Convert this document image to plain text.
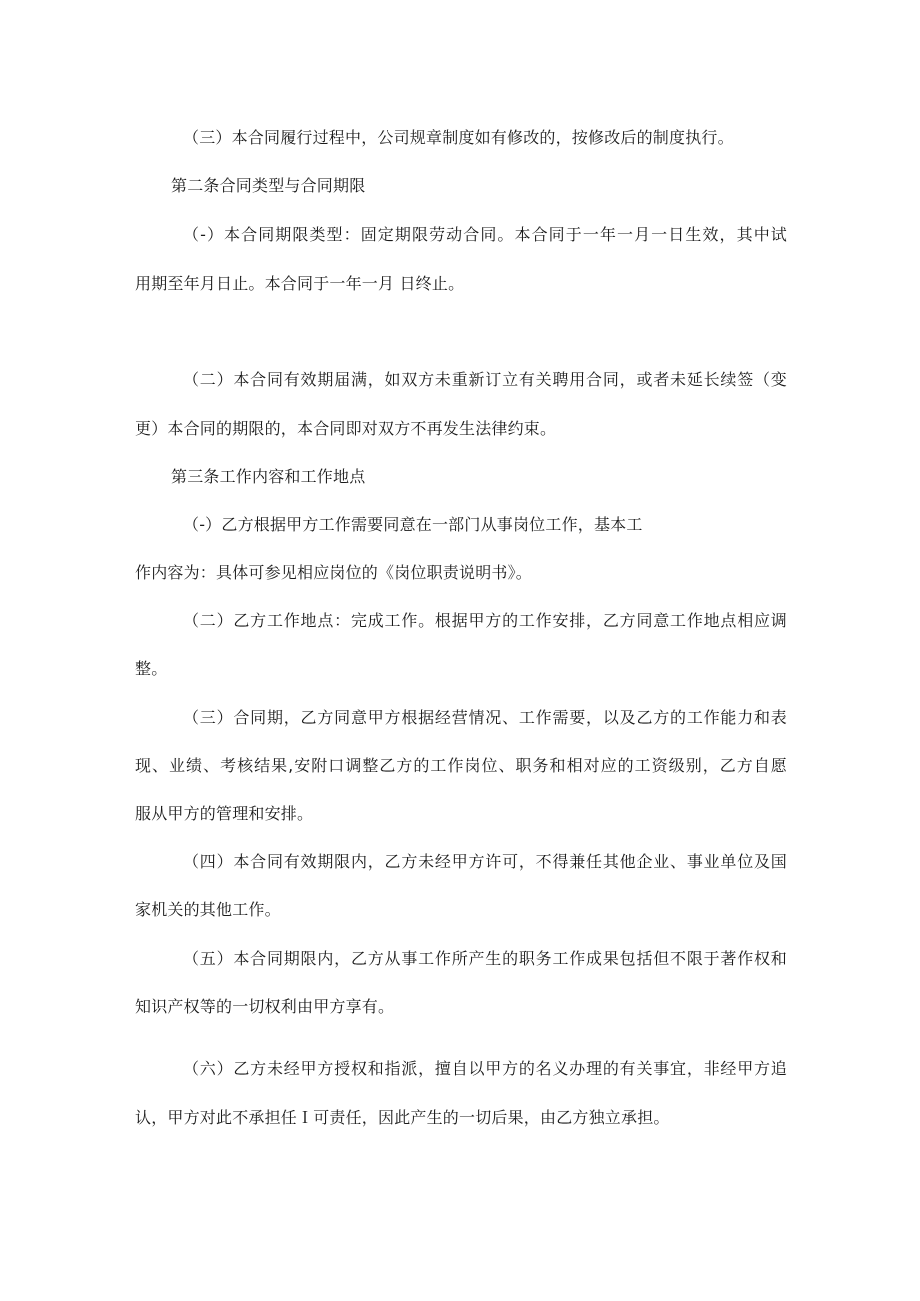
（三）本合同履行过程中，公司规章制度如有修改的，按修改后的制度执行。
第二条合同类型与合同期限
（-）本合同期限类型：固定期限劳动合同。本合同于一年一月一日生效，其中试
用期至年月日止。本合同于一年一月 日终止。
（二）本合同有效期届满，如双方未重新订立有关聘用合同，或者未延长续签（变
更）本合同的期限的，本合同即对双方不再发生法律约束。
第三条工作内容和工作地点
（-）乙方根据甲方工作需要同意在一部门从事岗位工作，基本工
作内容为：具体可参见相应岗位的《岗位职责说明书》。
（二）乙方工作地点：完成工作。根据甲方的工作安排，乙方同意工作地点相应调
整。
（三）合同期，乙方同意甲方根据经营情况、工作需要，以及乙方的工作能力和表
现、业绩、考核结果,安附口调整乙方的工作岗位、职务和相对应的工资级别，乙方自愿
服从甲方的管理和安排。
（四）本合同有效期限内，乙方未经甲方许可，不得兼任其他企业、事业单位及国
家机关的其他工作。
（五）本合同期限内，乙方从事工作所产生的职务工作成果包括但不限于著作权和
知识产权等的一切权利由甲方享有。
（六）乙方未经甲方授权和指派，擅自以甲方的名义办理的有关事宜，非经甲方追
认，甲方对此不承担任Ｉ可责任，因此产生的一切后果，由乙方独立承担。
